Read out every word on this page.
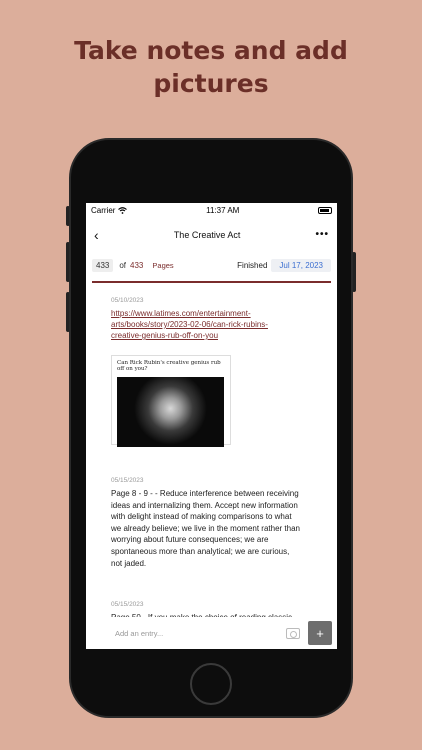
Take notes and add
pictures
Carrier	11:37 AM
‹	The Creative Act	•••
433	of 433 Pages	Finished	Jul 17, 2023
05/10/2023
https://www.latimes.com/entertainment-
arts/books/story/2023-02-06/can-rick-rubins-
creative-genius-rub-off-on-you
Can Rick Rubin's creative genius rub off on you?
05/15/2023
Page 8 - 9 - - Reduce interference between receiving
ideas and internalizing them. Accept new information
with delight instead of making comparisons to what
we already believe; we live in the moment rather than
worrying about future consequences; we are
spontaneous more than analytical; we are curious,
not jaded.
05/15/2023
Add an entry...	+
